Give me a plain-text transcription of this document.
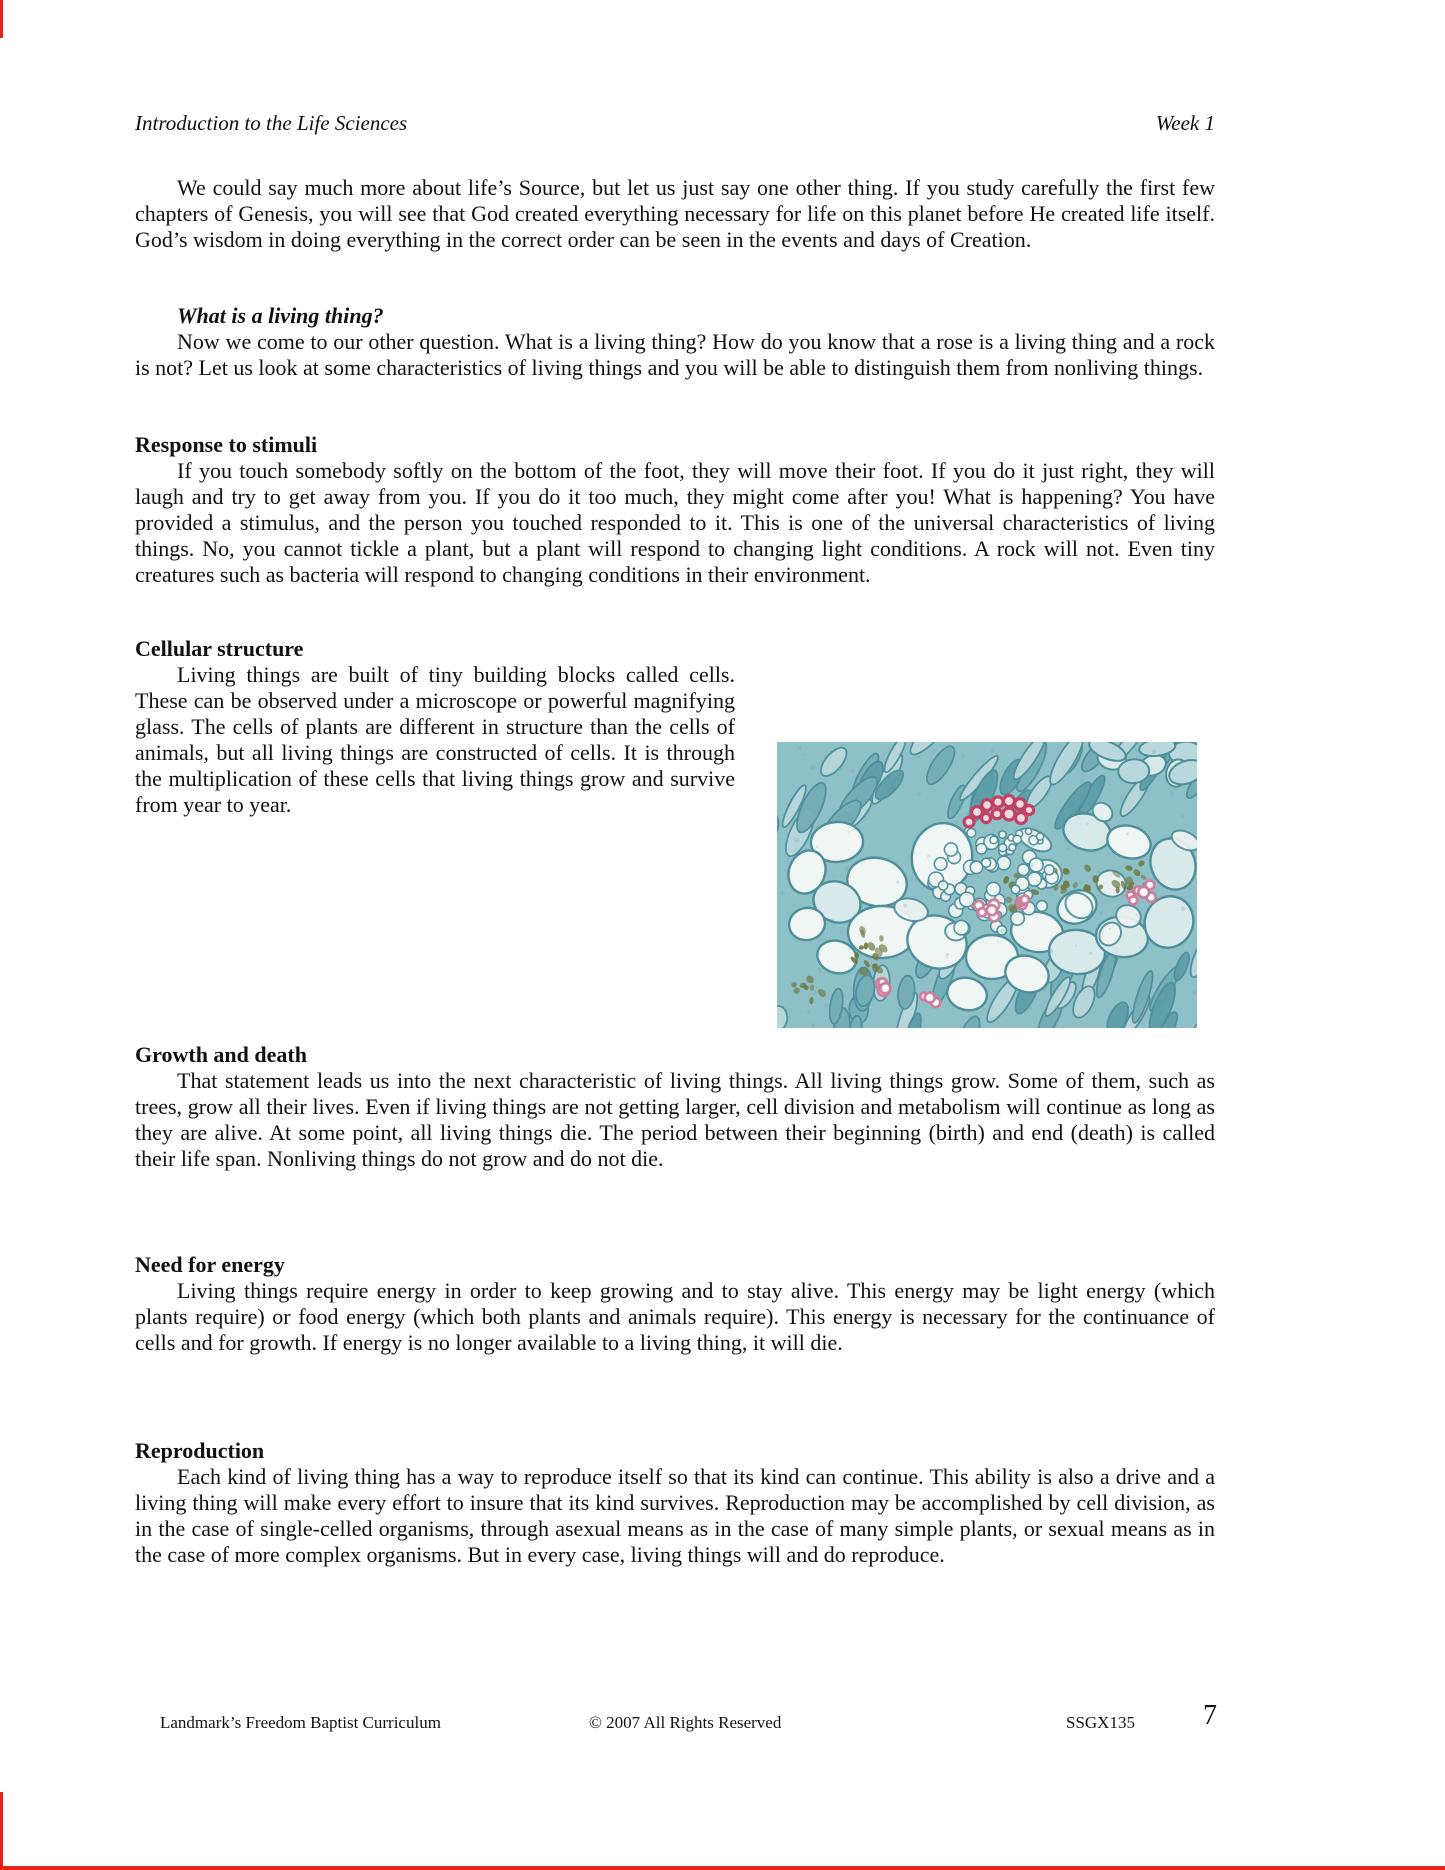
Introduction to the Life Sciences	Week 1

We could say much more about life’s Source, but let us just say one other thing. If you study carefully the first few chapters of Genesis, you will see that God created everything necessary for life on this planet before He created life itself. God’s wisdom in doing everything in the correct order can be seen in the events and days of Creation.

What is a living thing?

Now we come to our other question. What is a living thing? How do you know that a rose is a living thing and a rock is not? Let us look at some characteristics of living things and you will be able to distinguish them from nonliving things.

Response to stimuli

If you touch somebody softly on the bottom of the foot, they will move their foot. If you do it just right, they will laugh and try to get away from you. If you do it too much, they might come after you! What is happening? You have provided a stimulus, and the person you touched responded to it. This is one of the universal characteristics of living things. No, you cannot tickle a plant, but a plant will respond to changing light conditions. A rock will not. Even tiny creatures such as bacteria will respond to changing conditions in their environment.

Cellular structure

Living things are built of tiny building blocks called cells. These can be observed under a microscope or powerful magnifying glass. The cells of plants are different in structure than the cells of animals, but all living things are constructed of cells. It is through the multiplication of these cells that living things grow and survive from year to year.

Growth and death

That statement leads us into the next characteristic of living things. All living things grow. Some of them, such as trees, grow all their lives. Even if living things are not getting larger, cell division and metabolism will continue as long as they are alive. At some point, all living things die. The period between their beginning (birth) and end (death) is called their life span. Nonliving things do not grow and do not die.

Need for energy

Living things require energy in order to keep growing and to stay alive. This energy may be light energy (which plants require) or food energy (which both plants and animals require). This energy is necessary for the continuance of cells and for growth. If energy is no longer available to a living thing, it will die.

Reproduction

Each kind of living thing has a way to reproduce itself so that its kind can continue. This ability is also a drive and a living thing will make every effort to insure that its kind survives. Reproduction may be accomplished by cell division, as in the case of single-celled organisms, through asexual means as in the case of many simple plants, or sexual means as in the case of more complex organisms. But in every case, living things will and do reproduce.

Landmark’s Freedom Baptist Curriculum	© 2007 All Rights Reserved	SSGX135 7
